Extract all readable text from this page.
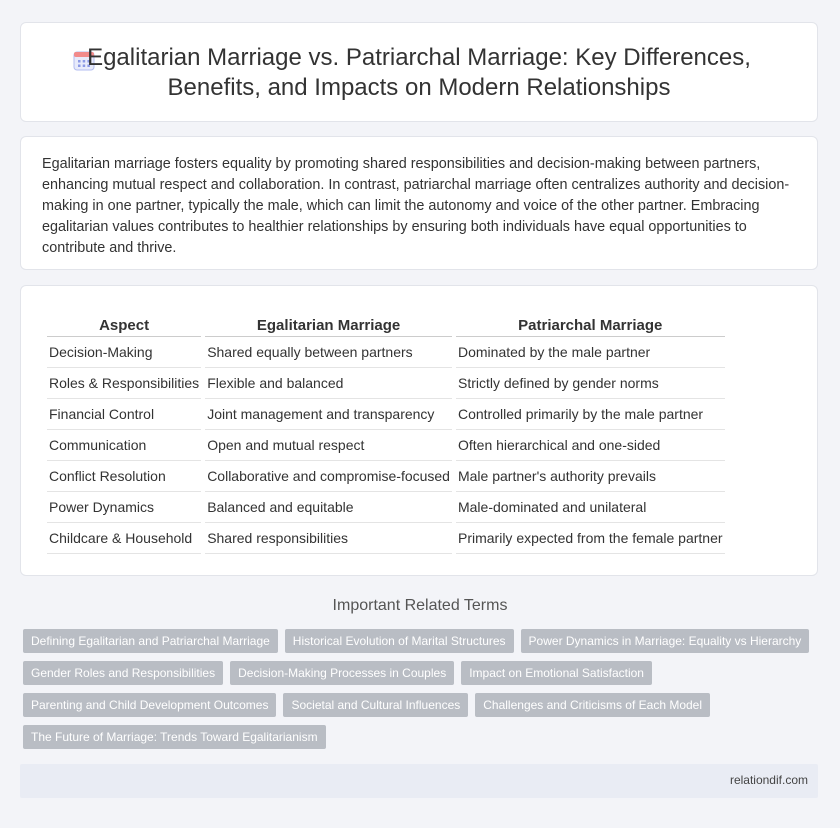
Egalitarian Marriage vs. Patriarchal Marriage: Key Differences, Benefits, and Impacts on Modern Relationships

Egalitarian marriage fosters equality by promoting shared responsibilities and decision-making between partners, enhancing mutual respect and collaboration. In contrast, patriarchal marriage often centralizes authority and decision-making in one partner, typically the male, which can limit the autonomy and voice of the other partner. Embracing egalitarian values contributes to healthier relationships by ensuring both individuals have equal opportunities to contribute and thrive.

Aspect	Egalitarian Marriage	Patriarchal Marriage
Decision-Making	Shared equally between partners	Dominated by the male partner
Roles & Responsibilities	Flexible and balanced	Strictly defined by gender norms
Financial Control	Joint management and transparency	Controlled primarily by the male partner
Communication	Open and mutual respect	Often hierarchical and one-sided
Conflict Resolution	Collaborative and compromise-focused	Male partner's authority prevails
Power Dynamics	Balanced and equitable	Male-dominated and unilateral
Childcare & Household	Shared responsibilities	Primarily expected from the female partner
Important Related Terms
Defining Egalitarian and Patriarchal Marriage Historical Evolution of Marital Structures Power Dynamics in Marriage: Equality vs HierarchyGender Roles and Responsibilities Decision-Making Processes in Couples Impact on Emotional SatisfactionParenting and Child Development Outcomes Societal and Cultural Influences Challenges and Criticisms of Each ModelThe Future of Marriage: Trends Toward Egalitarianism
relationdif.com
